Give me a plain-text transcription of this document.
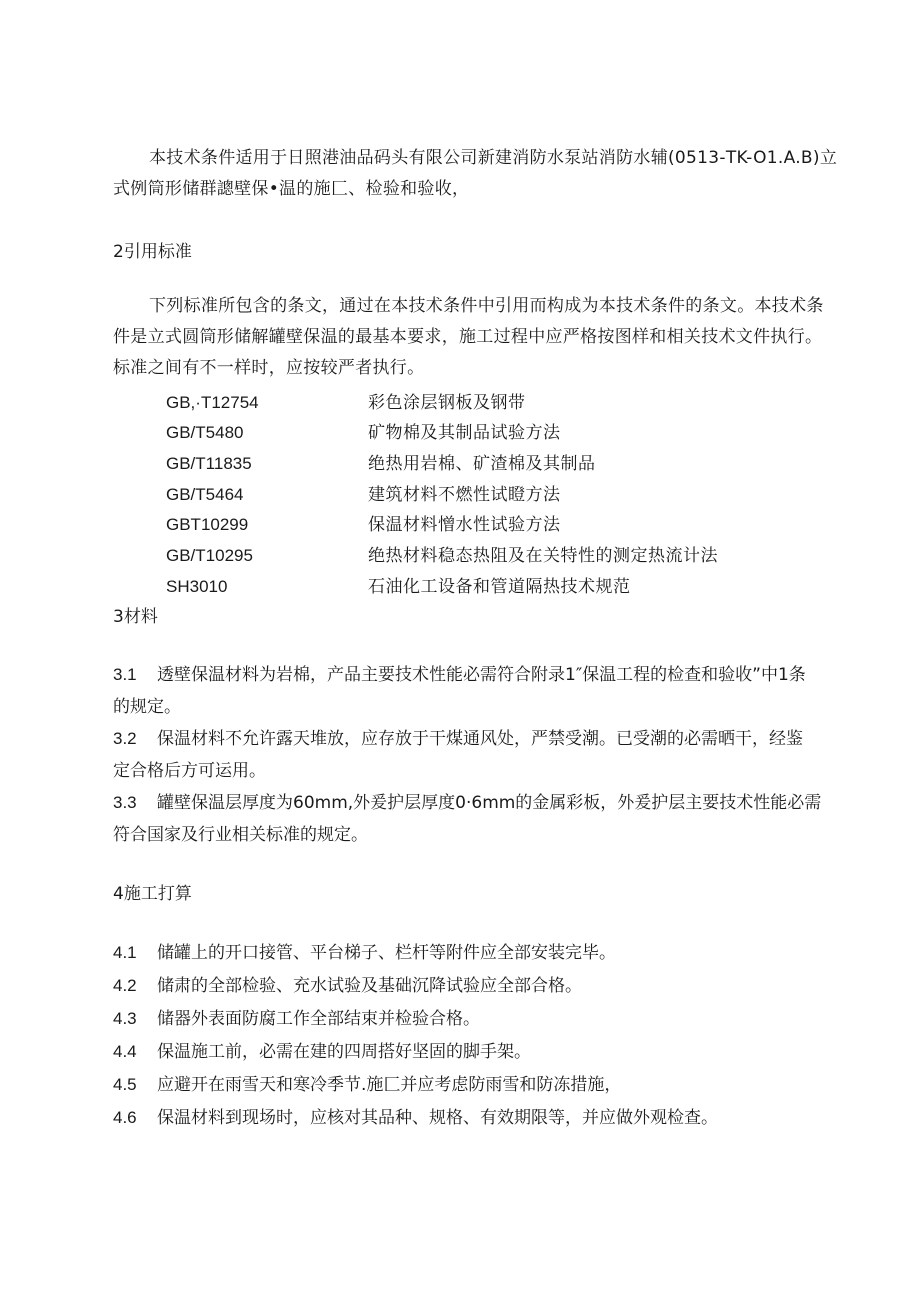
本技术条件适用于日照港油品码头有限公司新建消防水泵站消防水辅(0513-TK-O1.A.B)立
式例筒形储群謥壁保•温的施匚、检验和验收，
2引用标准
下列标准所包含的条文，通过在本技术条件中引用而构成为本技术条件的条文。本技术条
件是立式圆筒形储解罐壁保温的最基本要求，施工过程中应严格按图样和相关技术文件执行。
标准之间有不一样时，应按较严者执行。
GB,·T12754	彩色涂层钢板及钢带
GB/T5480	矿物棉及其制品试验方法
GB/T11835	绝热用岩棉、矿渣棉及其制品
GB/T5464	建筑材料不燃性试瞪方法
GBT10299	保温材料憎水性试验方法
GB/T10295	绝热材料稳态热阻及在关特性的测定热流计法
SH3010	石油化工设备和管道隔热技术规范
3材料
3.1 透壁保温材料为岩棉，产品主要技术性能必需符合附录1″保温工程的检查和验收”中1条
的规定。
3.2 保温材料不允许露天堆放，应存放于干煤通风处，严禁受潮。已受潮的必需晒干，经鉴
定合格后方可运用。
3.3 罐壁保温层厚度为60mm,外爰护层厚度0·6mm的金属彩板，外爰护层主要技术性能必需
符合国家及行业相关标准的规定。
4施工打算
4.1 储罐上的开口接管、平台梯子、栏杆等附件应全部安装完毕。
4.2 储肃的全部检验、充水试验及基础沉降试验应全部合格。
4.3 储器外表面防腐工作全部结束并检验合格。
4.4 保温施工前，必需在建的四周搭好坚固的脚手架。
4.5 应避开在雨雪天和寒冷季节.施匚并应考虑防雨雪和防冻措施，
4.6 保温材料到现场时，应核对其品种、规格、有效期限等，并应做外观检查。
